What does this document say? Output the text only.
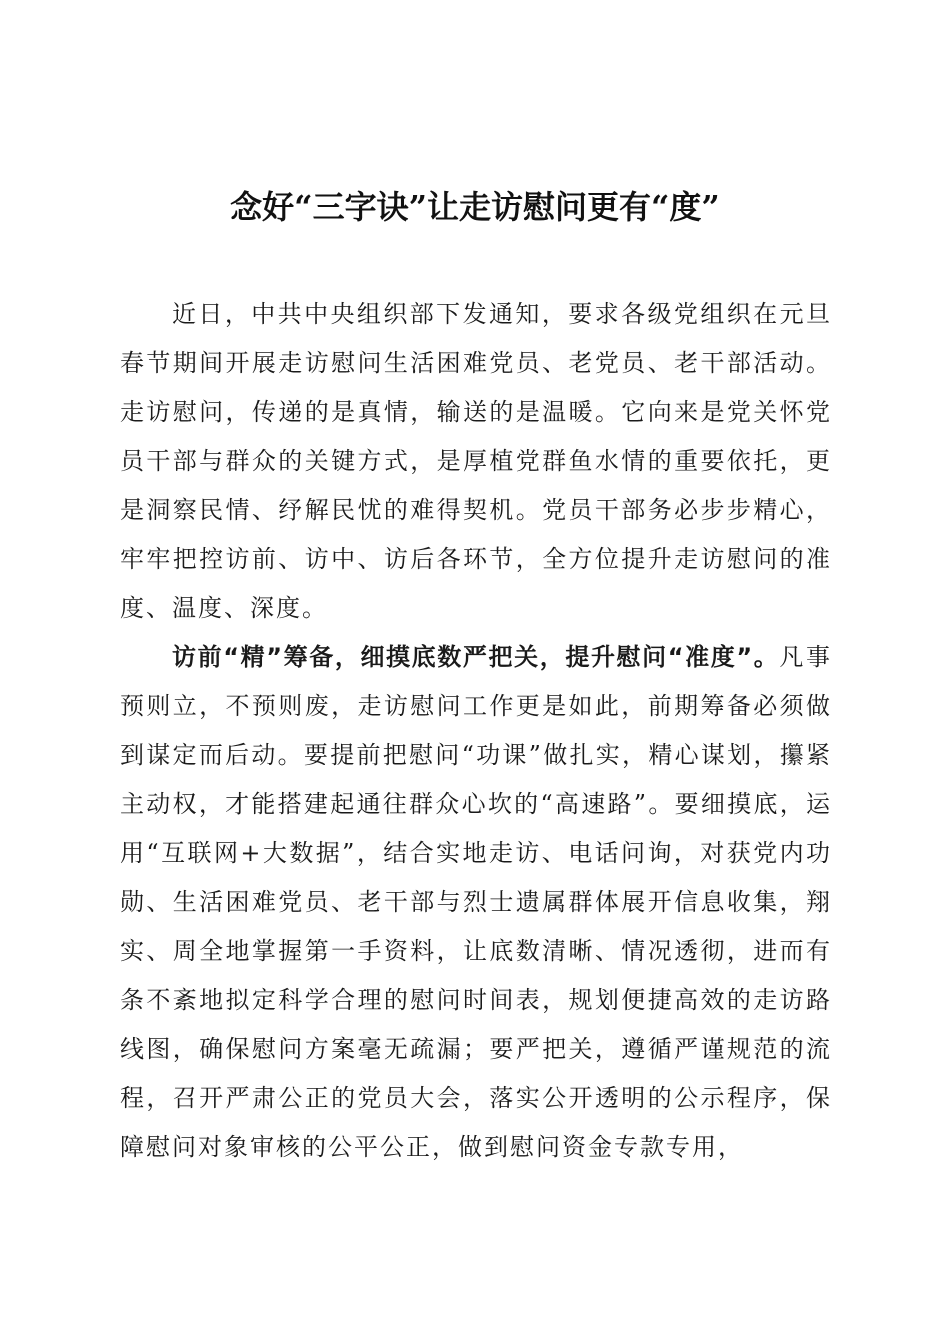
念好“三字诀”让走访慰问更有“度”

近日，中共中央组织部下发通知，要求各级党组织在元旦春节期间开展走访慰问生活困难党员、老党员、老干部活动。走访慰问，传递的是真情，输送的是温暖。它向来是党关怀党员干部与群众的关键方式，是厚植党群鱼水情的重要依托，更是洞察民情、纾解民忧的难得契机。党员干部务必步步精心，牢牢把控访前、访中、访后各环节，全方位提升走访慰问的准度、温度、深度。

访前“精”筹备，细摸底数严把关，提升慰问“准度”。凡事预则立，不预则废，走访慰问工作更是如此，前期筹备必须做到谋定而后动。要提前把慰问“功课”做扎实，精心谋划，攥紧主动权，才能搭建起通往群众心坎的“高速路”。要细摸底，运用“互联网+大数据”，结合实地走访、电话问询，对获党内功勋、生活困难党员、老干部与烈士遗属群体展开信息收集，翔实、周全地掌握第一手资料，让底数清晰、情况透彻，进而有条不紊地拟定科学合理的慰问时间表，规划便捷高效的走访路线图，确保慰问方案毫无疏漏；要严把关，遵循严谨规范的流程，召开严肃公正的党员大会，落实公开透明的公示程序，保障慰问对象审核的公平公正，做到慰问资金专款专用，
